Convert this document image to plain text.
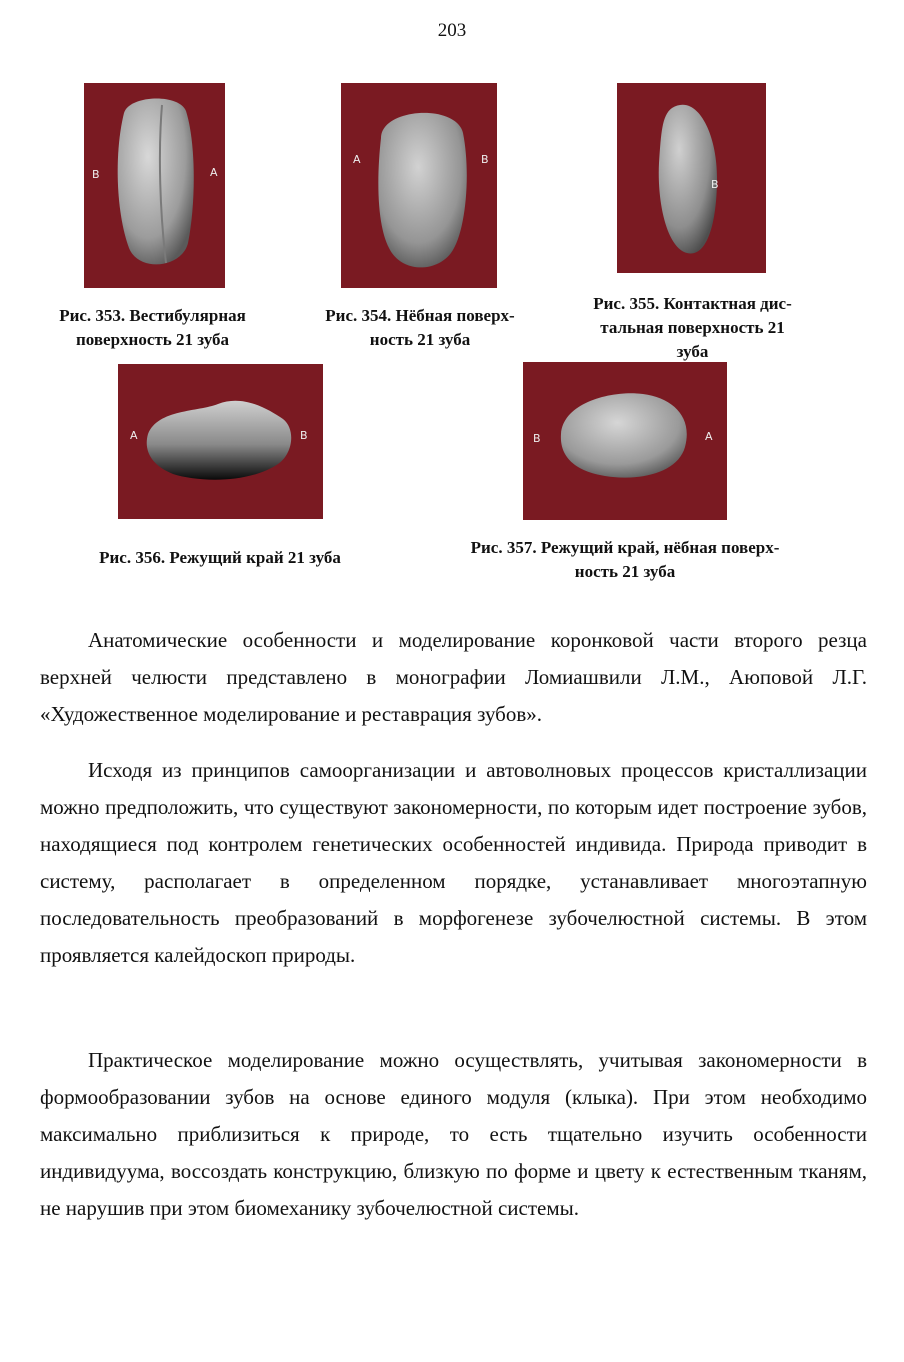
203
B	A
Рис. 353. Вестибулярная
поверхность 21 зуба
A	B
Рис. 354. Нёбная поверх-
ность 21 зуба
B
Рис. 355. Контактная дис-
тальная поверхность 21
зуба
A	B
Рис. 356. Режущий край 21 зуба
B	A
Рис. 357. Режущий край, нёбная поверх-
ность 21 зуба
Анатомические особенности и моделирование коронковой части второго резца верхней челюсти представлено в монографии Ломиашвили Л.М., Аюповой Л.Г. «Художественное моделирование и реставрация зубов».
Исходя из принципов самоорганизации и автоволновых процессов кристаллизации можно предположить, что существуют закономерности, по которым идет построение зубов, находящиеся под контролем генетических особенностей индивида. Природа приводит в систему, располагает в определенном порядке, устанавливает многоэтапную последовательность преобразований в морфогенезе зубочелюстной системы. В этом проявляется калейдоскоп природы.
Практическое моделирование можно осуществлять, учитывая закономерности в формообразовании зубов на основе единого модуля (клыка). При этом необходимо максимально приблизиться к природе, то есть тщательно изучить особенности индивидуума, воссоздать конструкцию, близкую по форме и цвету к естественным тканям, не нарушив при этом биомеханику зубочелюстной системы.
